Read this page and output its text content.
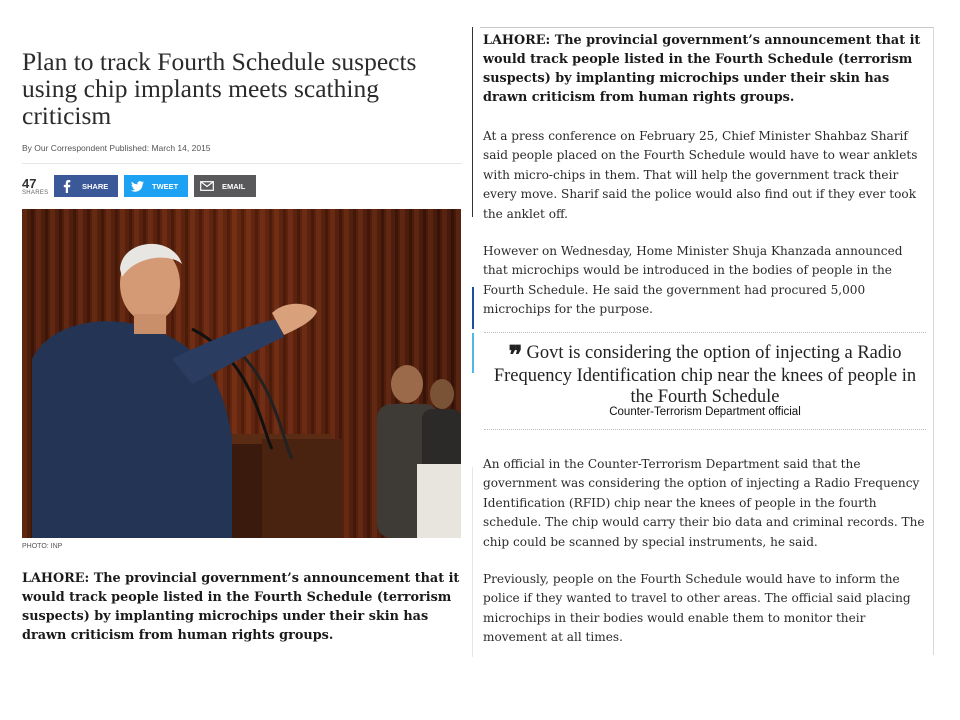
Plan to track Fourth Schedule suspects using chip implants meets scathing criticism
By Our Correspondent Published: March 14, 2015
47
SHARES
SHARE	TWEET	EMAIL
PHOTO: INP
LAHORE: The provincial government’s announcement that it would track people listed in the Fourth Schedule (terrorism suspects) by implanting microchips under their skin has drawn criticism from human rights groups.
LAHORE: The provincial government’s announcement that it would track people listed in the Fourth Schedule (terrorism suspects) by implanting microchips under their skin has drawn criticism from human rights groups.
At a press conference on February 25, Chief Minister Shahbaz Sharif said people placed on the Fourth Schedule would have to wear anklets with micro-chips in them. That will help the government track their every move. Sharif said the police would also find out if they ever took the anklet off.
However on Wednesday, Home Minister Shuja Khanzada announced that microchips would be introduced in the bodies of people in the Fourth Schedule. He said the government had procured 5,000 microchips for the purpose.
❞ Govt is considering the option of injecting a Radio Frequency Identification chip near the knees of people in the Fourth Schedule
Counter-Terrorism Department official
An official in the Counter-Terrorism Department said that the government was considering the option of injecting a Radio Frequency Identification (RFID) chip near the knees of people in the fourth schedule. The chip would carry their bio data and criminal records. The chip could be scanned by special instruments, he said.
Previously, people on the Fourth Schedule would have to inform the police if they wanted to travel to other areas. The official said placing microchips in their bodies would enable them to monitor their movement at all times.
